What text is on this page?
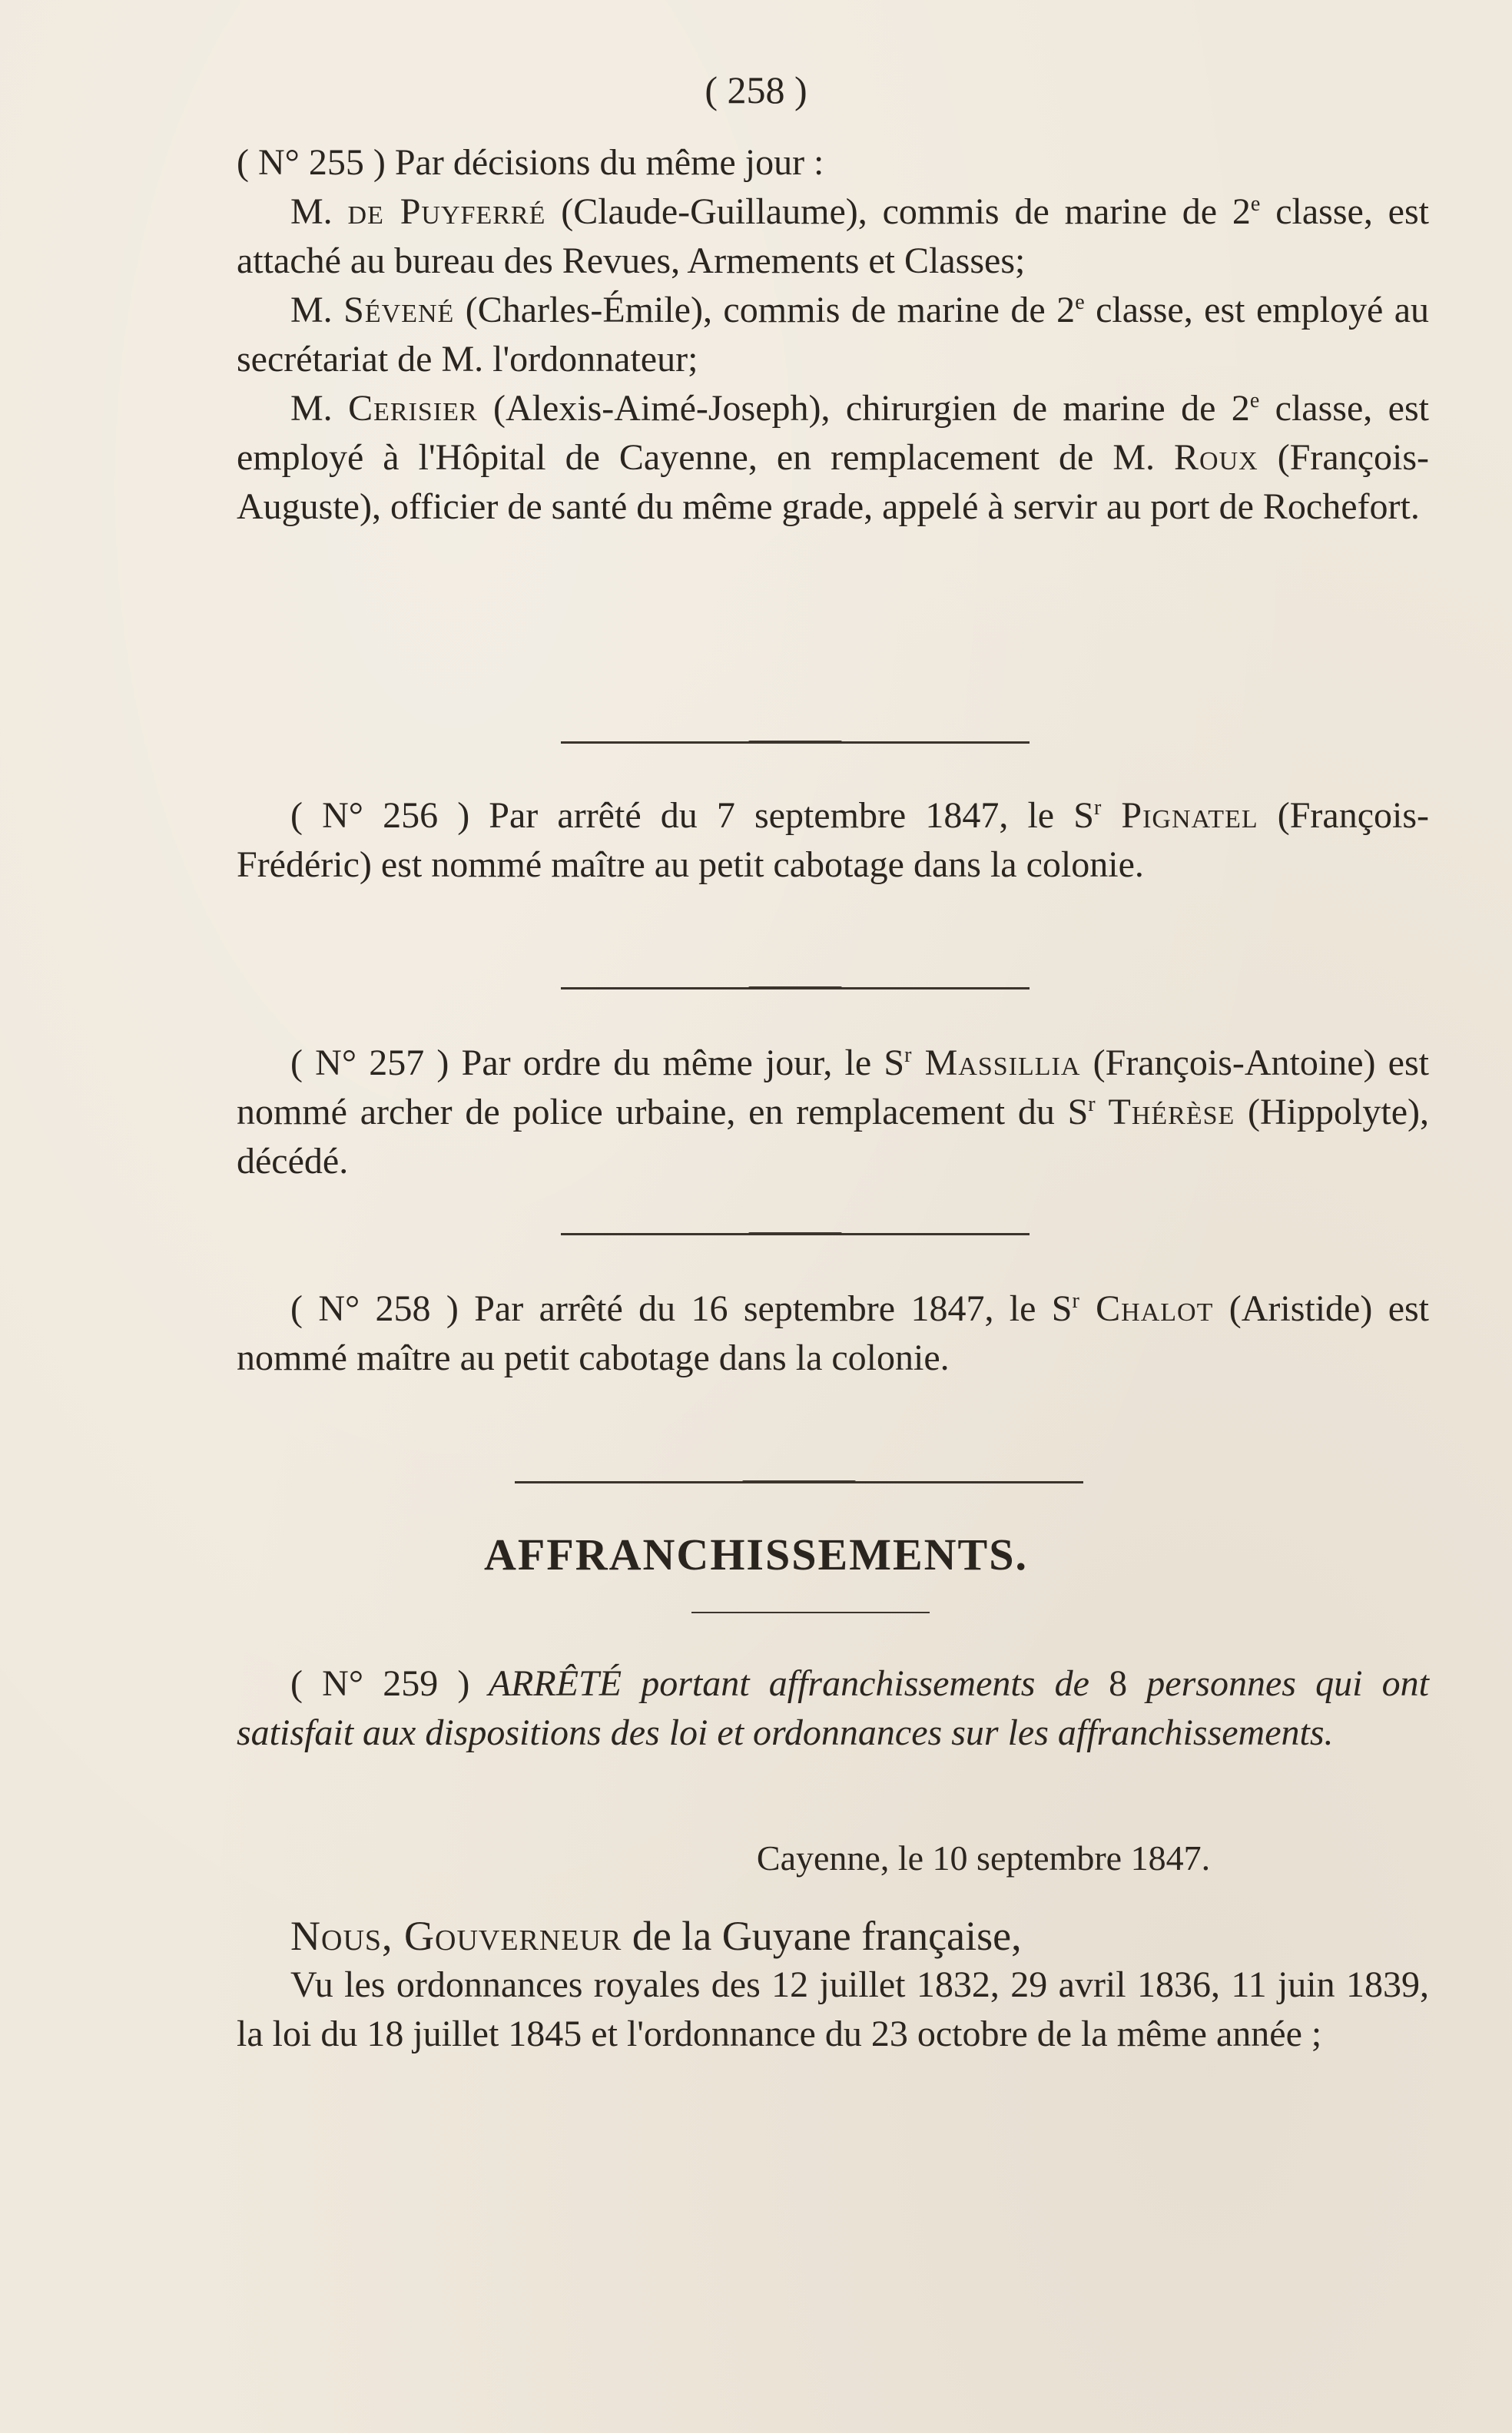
( 258 )

( N° 255 ) Par décisions du même jour :

M. de Puyferré (Claude-Guillaume), commis de marine de 2e classe, est attaché au bureau des Revues, Armements et Classes;

M. Sévené (Charles-Émile), commis de marine de 2e classe, est employé au secrétariat de M. l'ordonnateur;

M. Cerisier (Alexis-Aimé-Joseph), chirurgien de marine de 2e classe, est employé à l'Hôpital de Cayenne, en remplacement de M. Roux (François-Auguste), officier de santé du même grade, appelé à servir au port de Rochefort.

( N° 256 ) Par arrêté du 7 septembre 1847, le $S^r$ Pignatel (François-Frédéric) est nommé maître au petit cabotage dans la colonie.

( N° 257 ) Par ordre du même jour, le $S^r$ Massillia (François-Antoine) est nommé archer de police urbaine, en remplacement du $S^r$ Thérèse (Hippolyte), décédé.

( N° 258 ) Par arrêté du 16 septembre 1847, le $S^r$ Chalot (Aristide) est nommé maître au petit cabotage dans la colonie.

AFFRANCHISSEMENTS.

( N° 259 ) ARRÊTÉ portant affranchissements de 8 personnes qui ont satisfait aux dispositions des loi et ordonnances sur les affranchissements.

Cayenne, le 10 septembre 1847.

Nous, Gouverneur de la Guyane française,

Vu les ordonnances royales des 12 juillet 1832, 29 avril 1836, 11 juin 1839, la loi du 18 juillet 1845 et l'ordonnance du 23 octobre de la même année ;
